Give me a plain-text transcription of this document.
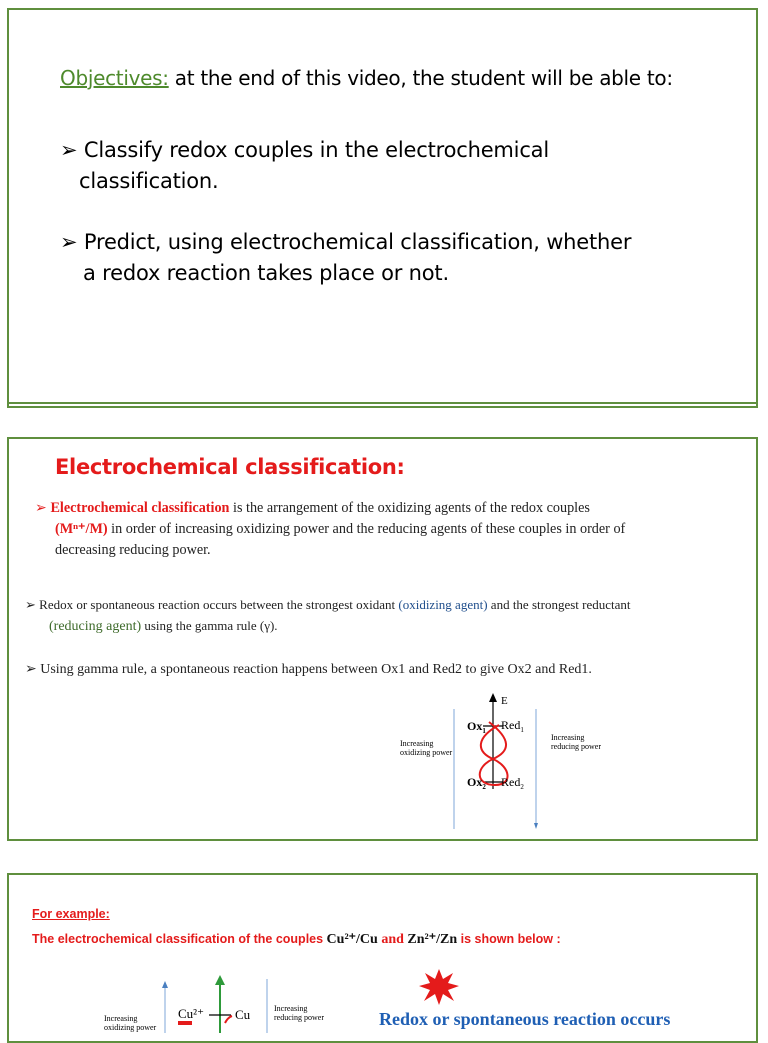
Objectives: at the end of this video, the student will be able to:
➢ Classify redox couples in the electrochemical
classification.
➢ Predict, using electrochemical classification, whether
a redox reaction takes place or not.
Electrochemical classification:
➢ Electrochemical classification is the arrangement of the oxidizing agents of the redox couples
(Mⁿ⁺/M) in order of increasing oxidizing power and the reducing agents of these couples in order of
decreasing reducing power.
➢ Redox or spontaneous reaction occurs between the strongest oxidant (oxidizing agent) and the strongest reductant
(reducing agent) using the gamma rule (γ).
➢ Using gamma rule, a spontaneous reaction happens between Ox1 and Red2 to give Ox2 and Red1.
E
$Ox_1$ Red$_1$
$Ox_2$ Red$_2$
Increasing
oxidizing power
Increasing
reducing power
For example:
The electrochemical classification of the couples Cu²⁺/Cu and Zn²⁺/Zn is shown below :
Cu²⁺ Cu
Increasing
oxidizing power
Increasing
reducing power	Redox or spontaneous reaction occurs
